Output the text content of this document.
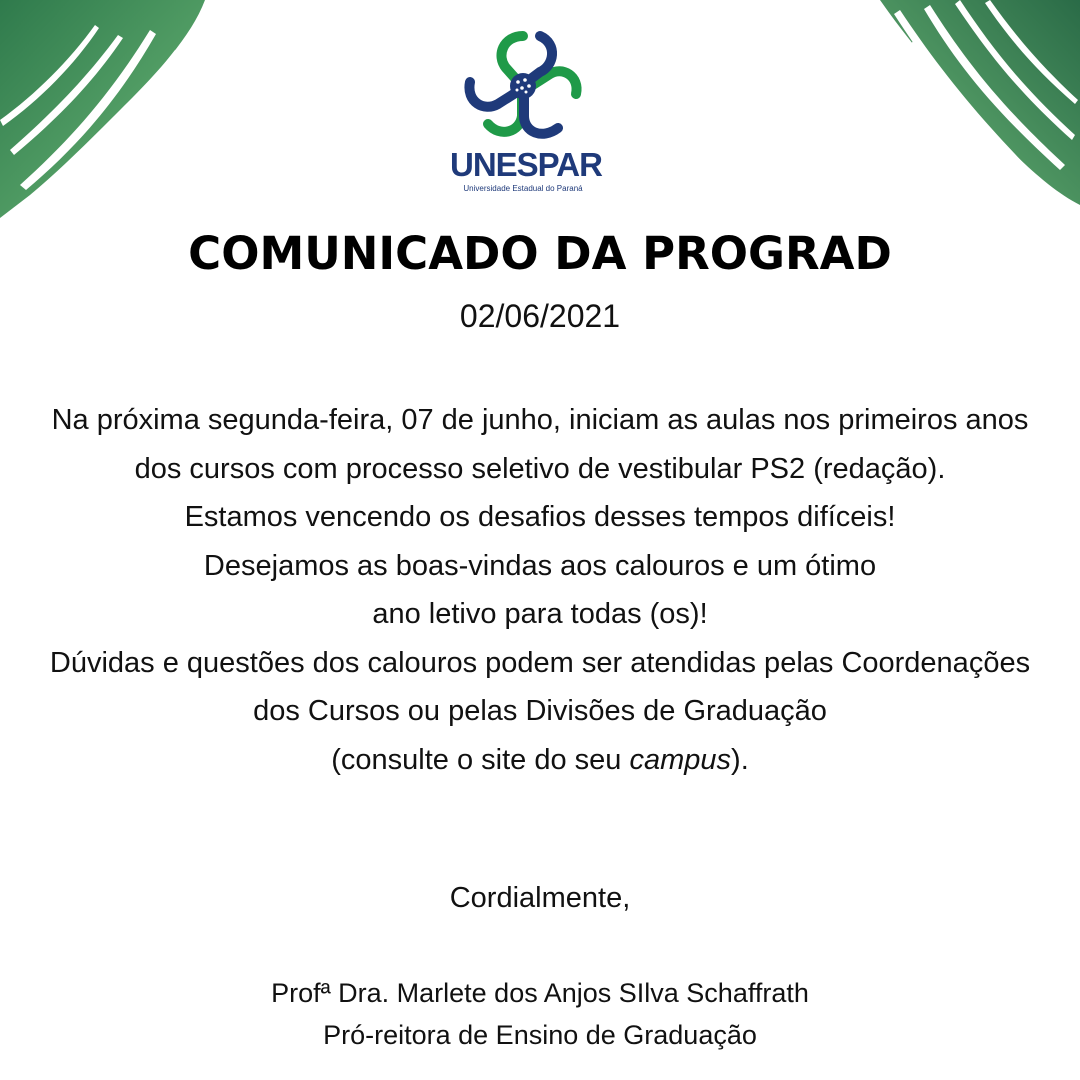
UNESPAR
Universidade Estadual do Paraná
COMUNICADO DA PROGRAD
02/06/2021

Na próxima segunda-feira, 07 de junho, iniciam as aulas nos primeiros anos dos cursos com processo seletivo de vestibular PS2 (redação).

Estamos vencendo os desafios desses tempos difíceis!

Desejamos as boas-vindas aos calouros e um ótimo

ano letivo para todas (os)!

Dúvidas e questões dos calouros podem ser atendidas pelas Coordenações dos Cursos ou pelas Divisões de Graduação

(consulte o site do seu campus).

Cordialmente,

Profª Dra. Marlete dos Anjos SIlva Schaffrath

Pró-reitora de Ensino de Graduação
